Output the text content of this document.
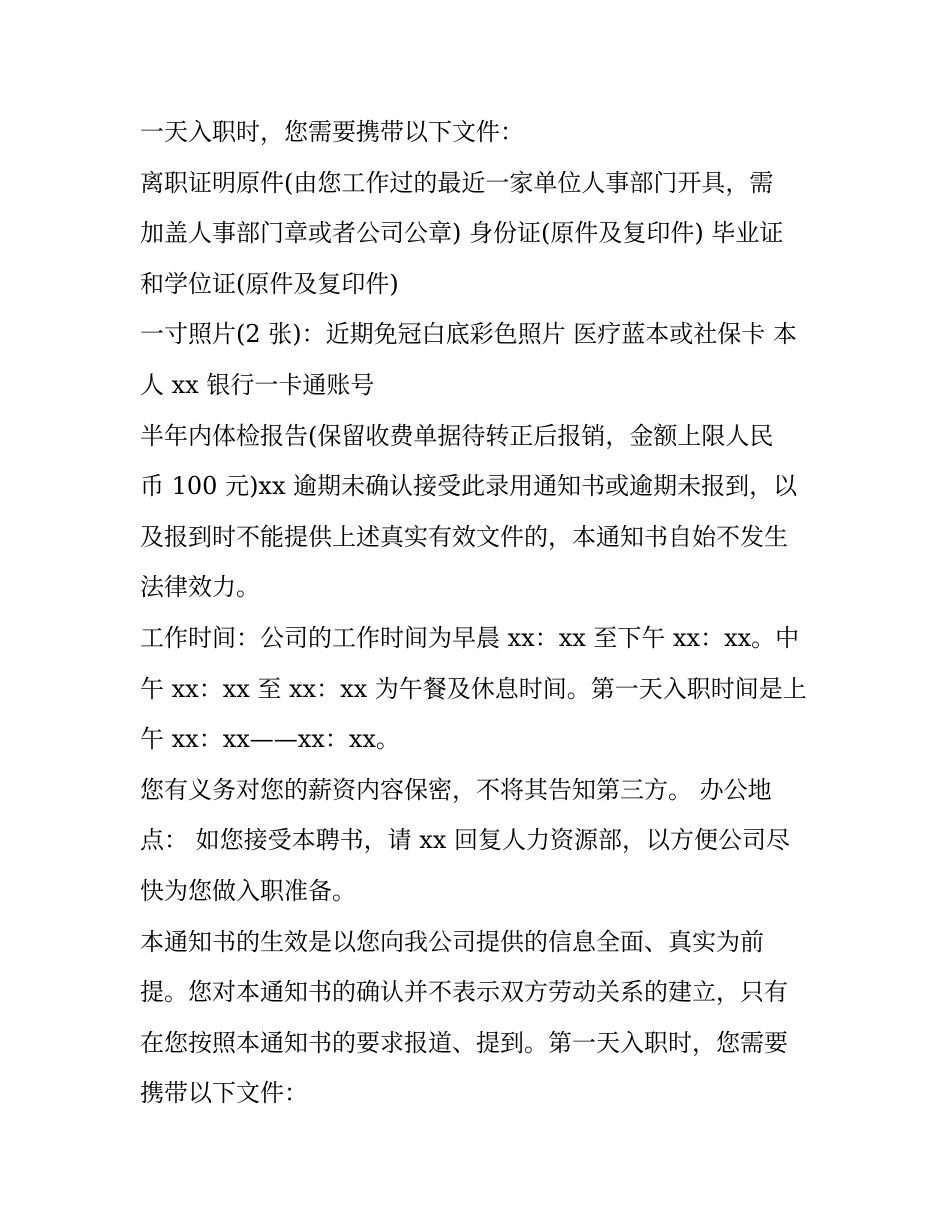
一天入职时，您需要携带以下文件：
离职证明原件(由您工作过的最近一家单位人事部门开具，需
加盖人事部门章或者公司公章) 身份证(原件及复印件) 毕业证
和学位证(原件及复印件)
一寸照片(2 张)：近期免冠白底彩色照片 医疗蓝本或社保卡 本
人 xx 银行一卡通账号
半年内体检报告(保留收费单据待转正后报销，金额上限人民
币 100 元)xx 逾期未确认接受此录用通知书或逾期未报到，以
及报到时不能提供上述真实有效文件的，本通知书自始不发生
法律效力。
工作时间：公司的工作时间为早晨 xx：xx 至下午 xx：xx。中
午 xx：xx 至 xx：xx 为午餐及休息时间。第一天入职时间是上
午 xx：xx——xx：xx。
您有义务对您的薪资内容保密，不将其告知第三方。 办公地
点： 如您接受本聘书，请 xx 回复人力资源部，以方便公司尽
快为您做入职准备。
本通知书的生效是以您向我公司提供的信息全面、真实为前
提。您对本通知书的确认并不表示双方劳动关系的建立，只有
在您按照本通知书的要求报道、提到。第一天入职时，您需要
携带以下文件：
